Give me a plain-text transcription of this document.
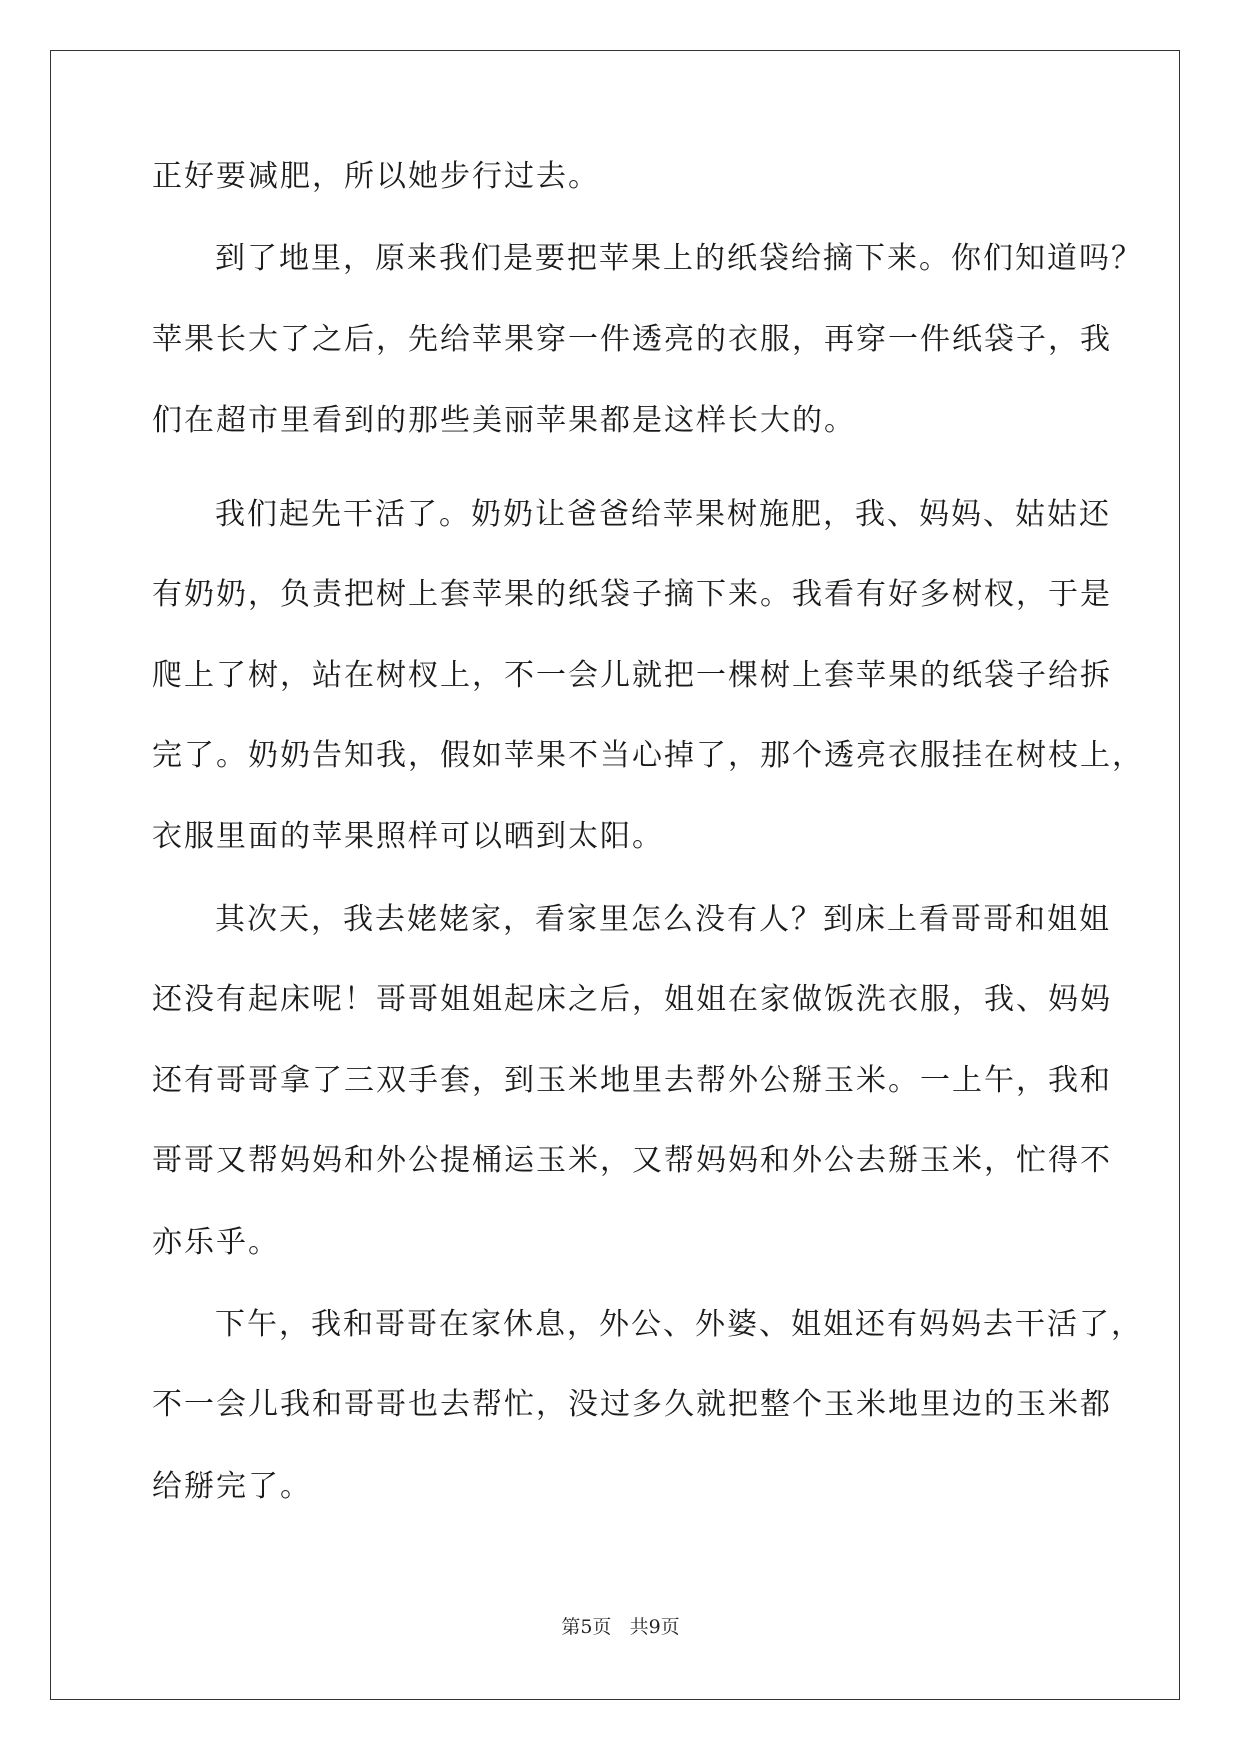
正好要减肥，所以她步行过去。
到了地里，原来我们是要把苹果上的纸袋给摘下来。你们知道吗？
苹果长大了之后，先给苹果穿一件透亮的衣服，再穿一件纸袋子，我
们在超市里看到的那些美丽苹果都是这样长大的。
我们起先干活了。奶奶让爸爸给苹果树施肥，我、妈妈、姑姑还
有奶奶，负责把树上套苹果的纸袋子摘下来。我看有好多树杈，于是
爬上了树，站在树杈上，不一会儿就把一棵树上套苹果的纸袋子给拆
完了。奶奶告知我，假如苹果不当心掉了，那个透亮衣服挂在树枝上，
衣服里面的苹果照样可以晒到太阳。
其次天，我去姥姥家，看家里怎么没有人？到床上看哥哥和姐姐
还没有起床呢！哥哥姐姐起床之后，姐姐在家做饭洗衣服，我、妈妈
还有哥哥拿了三双手套，到玉米地里去帮外公掰玉米。一上午，我和
哥哥又帮妈妈和外公提桶运玉米，又帮妈妈和外公去掰玉米，忙得不
亦乐乎。
下午，我和哥哥在家休息，外公、外婆、姐姐还有妈妈去干活了，
不一会儿我和哥哥也去帮忙，没过多久就把整个玉米地里边的玉米都
给掰完了。
第5页 共9页
